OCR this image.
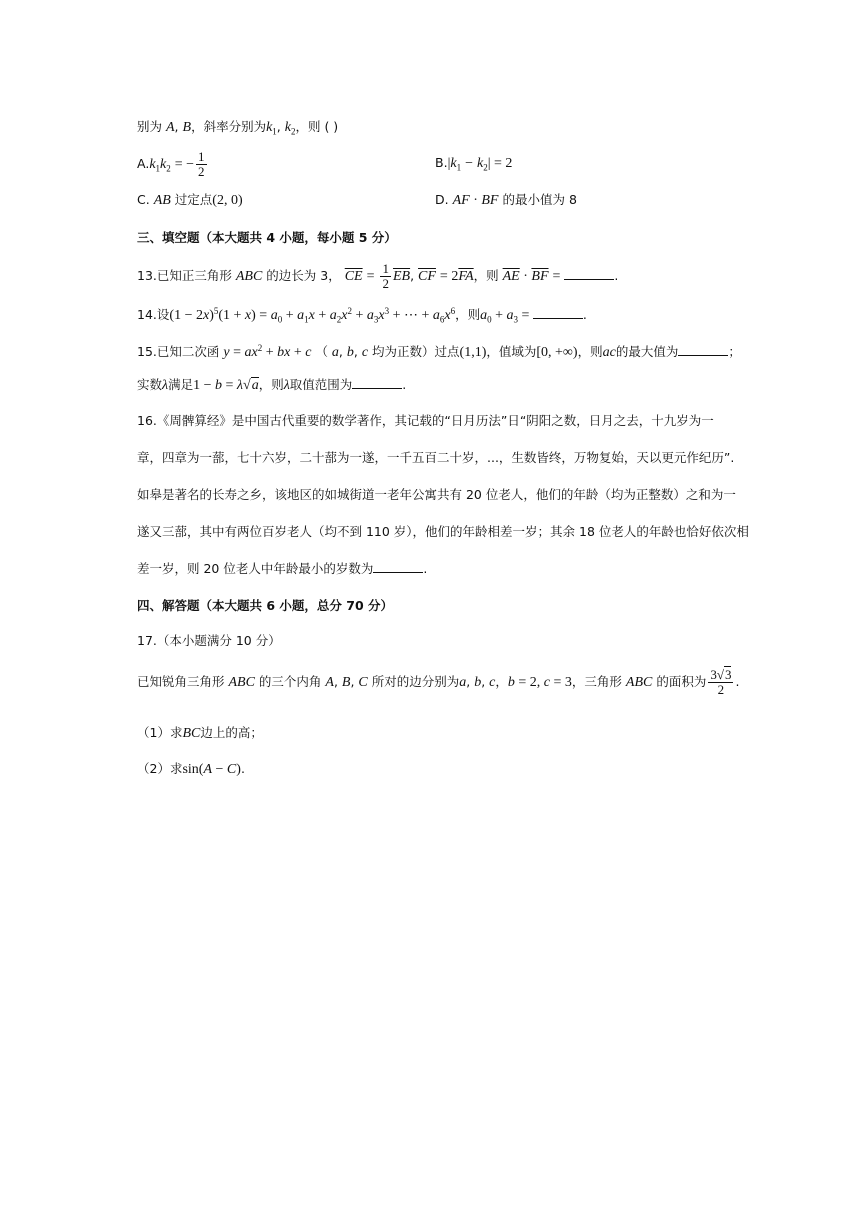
别为 A, B，斜率分别为$k_1$, $k_2$，则 ( )
$A.k_1k_2$ = − $\frac{1}{2}$	$B.|k_1 - k_2| = 2$
C. AB 过定点(2, 0)	D. AF · BF 的最小值为 8
三、填空题（本大题共 4 小题，每小题 5 分）
13.已知正三角形 ABC 的边长为 3， $\overline{CE} = \frac{1}{2} \overline{EB}$, $\overline{CF} = 2\overline{FA}$，则 $\overline{AE} \cdot \overline{BF}$ =	.
14.设$(1 - 2x)^5(1 + x) = a_0 + a_1x + a_2x^2 + a_3x^3$ + ⋯ + $a_6x^6$，则$a_0 + a_3$ =	.
15.已知二次函 $y = ax^2$ + bx + c （ a, b, c 均为正数）过点(1,1)，值域为[0, +∞)，则ac的最大值为	；
实数λ满足1 − b = λ√a，则λ取值范围为	.
16.《周髀算经》是中国古代重要的数学著作，其记载的“日月历法”日“阴阳之数，日月之去，十九岁为一
章，四章为一蔀，七十六岁，二十蔀为一遂，一千五百二十岁，...，生数皆终，万物复始，天以更元作纪历”.
如皋是著名的长寿之乡，该地区的如城街道一老年公寓共有 20 位老人，他们的年龄（均为正整数）之和为一
遂又三蔀，其中有两位百岁老人（均不到 110 岁），他们的年龄相差一岁；其余 18 位老人的年龄也恰好依次相
差一岁，则 20 位老人中年龄最小的岁数为	.
四、解答题（本大题共 6 小题，总分 70 分）
17.（本小题满分 10 分）
已知锐角三角形 ABC 的三个内角 A, B, C 所对的边分别为a, b, c，b = 2, c = 3，三角形 ABC 的面积为 $\frac{3√3}{2}$ .
（1）求BC边上的高；
（2）求sin(A − C).
